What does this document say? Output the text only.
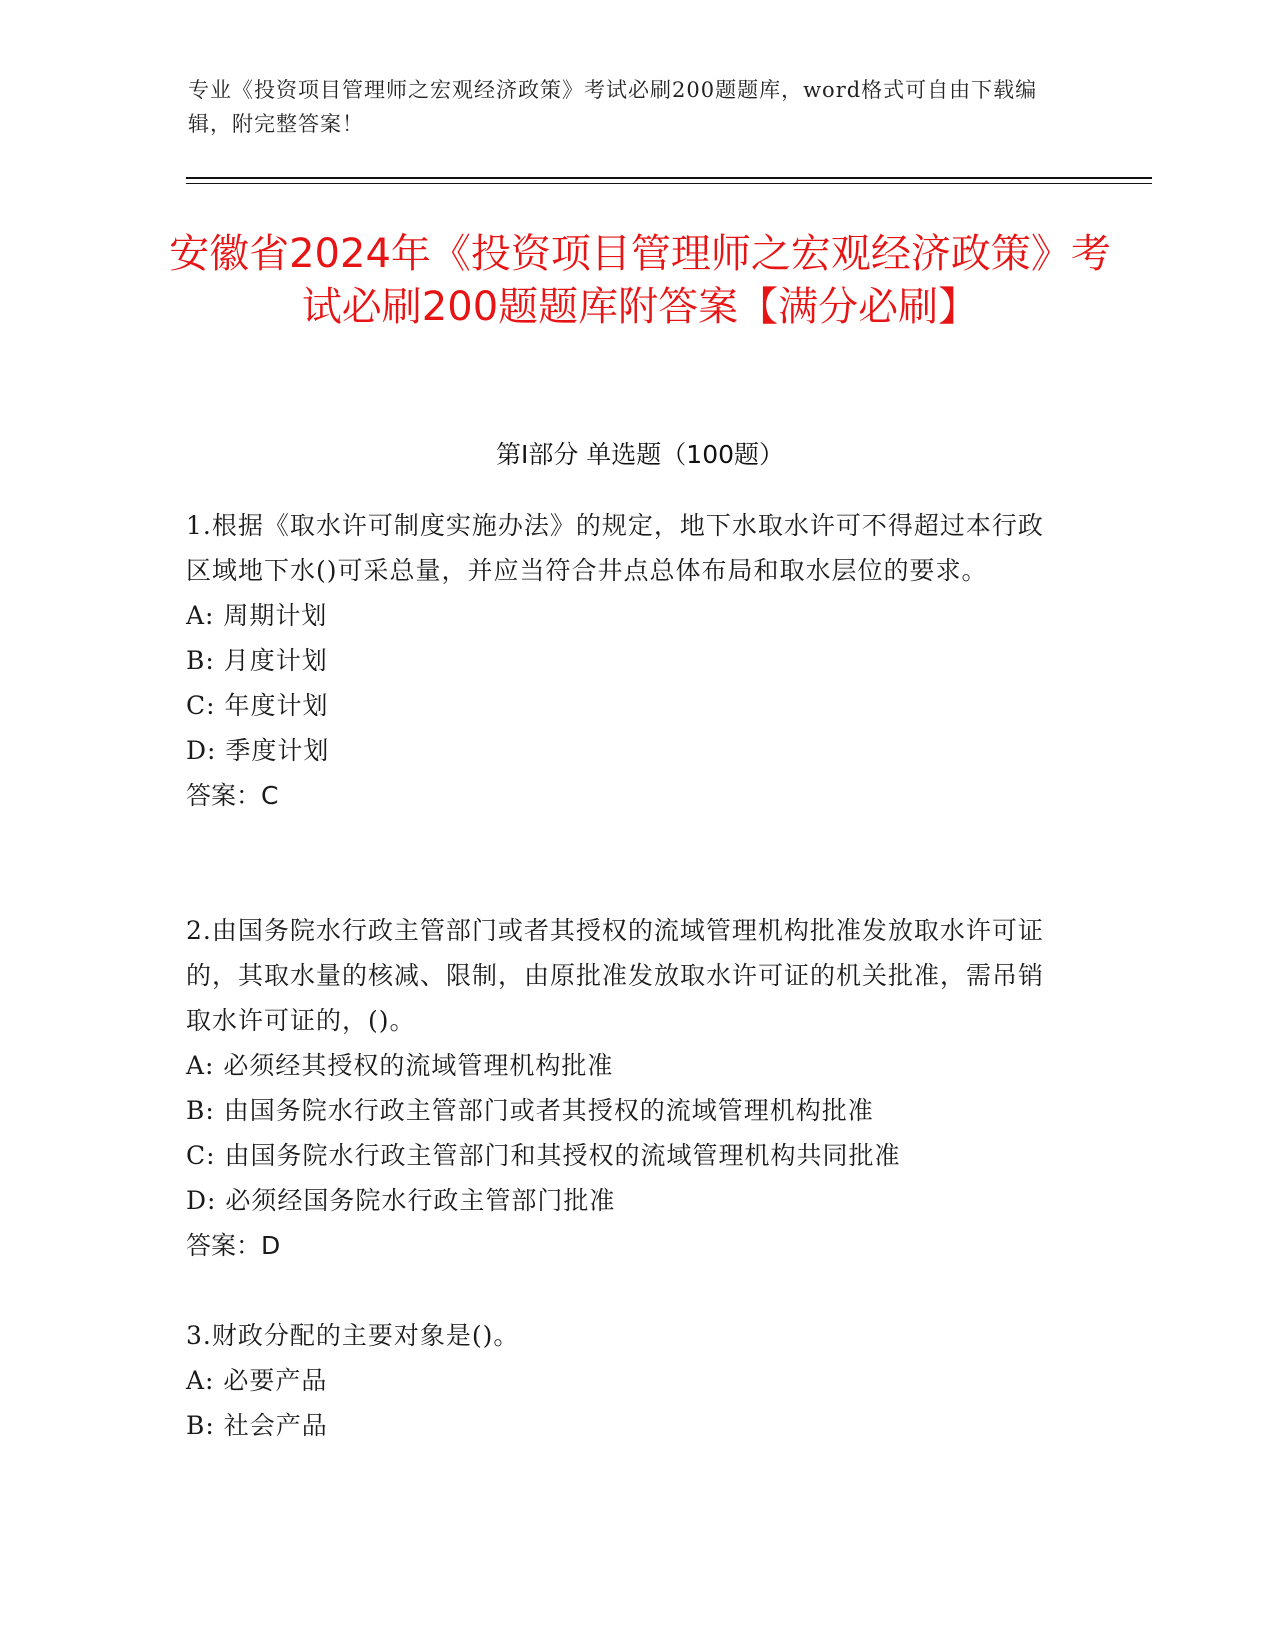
专业《投资项目管理师之宏观经济政策》考试必刷200题题库，word格式可自由下载编辑，附完整答案！
安徽省2024年《投资项目管理师之宏观经济政策》考试必刷200题题库附答案【满分必刷】
第I部分 单选题（100题）

1.根据《取水许可制度实施办法》的规定，地下水取水许可不得超过本行政区域地下水()可采总量，并应当符合井点总体布局和取水层位的要求。

A: 周期计划
B: 月度计划
C: 年度计划
D: 季度计划

答案：C

2.由国务院水行政主管部门或者其授权的流域管理机构批准发放取水许可证的，其取水量的核减、限制，由原批准发放取水许可证的机关批准，需吊销取水许可证的，()。

A: 必须经其授权的流域管理机构批准
B: 由国务院水行政主管部门或者其授权的流域管理机构批准
C: 由国务院水行政主管部门和其授权的流域管理机构共同批准
D: 必须经国务院水行政主管部门批准

答案：D

3.财政分配的主要对象是()。

A: 必要产品
B: 社会产品
